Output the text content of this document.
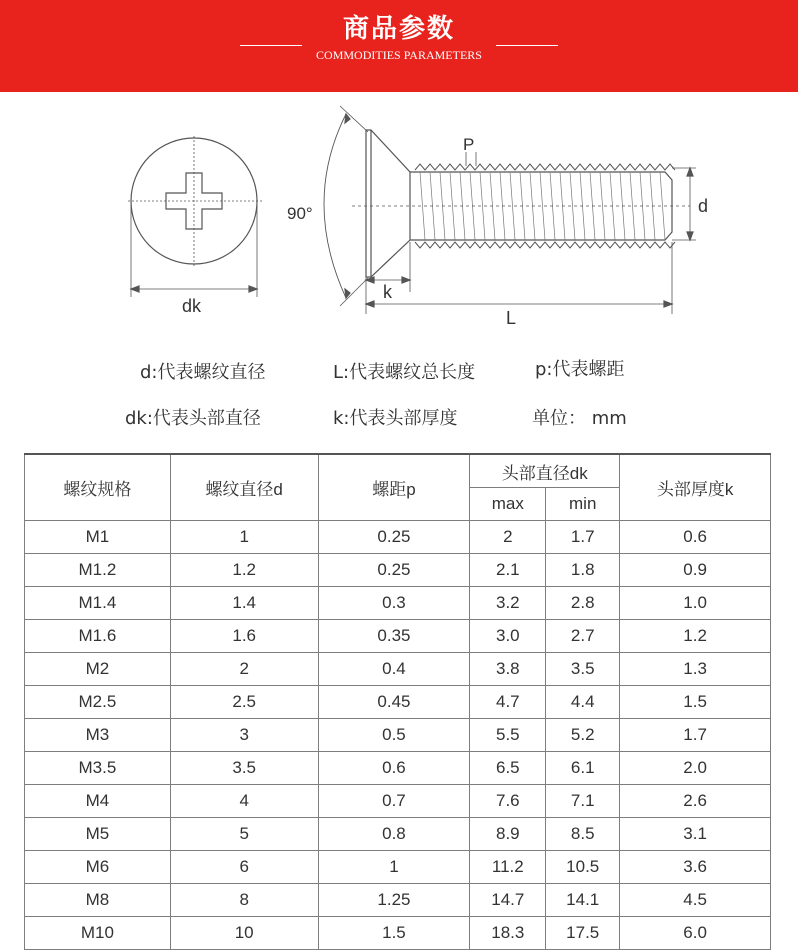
商品参数
COMMODITIES PARAMETERS
90°
P
d
dk
k
L
d:代表螺纹直径	L:代表螺纹总长度	p:代表螺距
dk:代表头部直径	k:代表头部厚度	单位： mm
螺纹规格	螺纹直径d	螺距p	头部直径dk		头部厚度k
			max	min	
M1	1	0.25	2	1.7	0.6
M1.2	1.2	0.25	2.1	1.8	0.9
M1.4	1.4	0.3	3.2	2.8	1.0
M1.6	1.6	0.35	3.0	2.7	1.2
M2	2	0.4	3.8	3.5	1.3
M2.5	2.5	0.45	4.7	4.4	1.5
M3	3	0.5	5.5	5.2	1.7
M3.5	3.5	0.6	6.5	6.1	2.0
M4	4	0.7	7.6	7.1	2.6
M5	5	0.8	8.9	8.5	3.1
M6	6	1	11.2	10.5	3.6
M8	8	1.25	14.7	14.1	4.5
M10	10	1.5	18.3	17.5	6.0
